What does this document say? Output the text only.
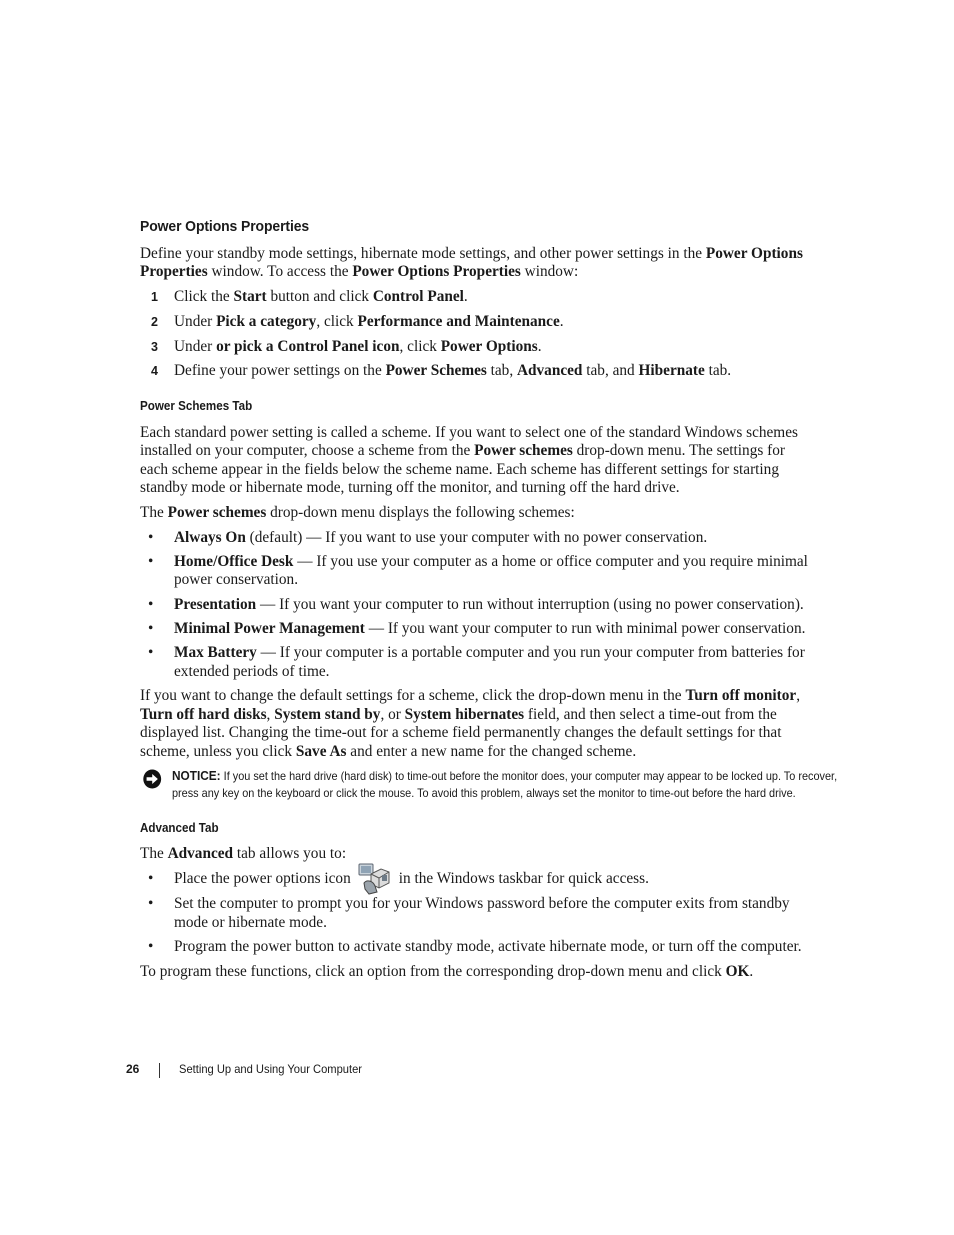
Power Options Properties

Define your standby mode settings, hibernate mode settings, and other power settings in the Power Options Properties window. To access the Power Options Properties window:

1 Click the Start button and click Control Panel.
2 Under Pick a category, click Performance and Maintenance.
3 Under or pick a Control Panel icon, click Power Options.
4 Define your power settings on the Power Schemes tab, Advanced tab, and Hibernate tab.
Power Schemes Tab

Each standard power setting is called a scheme. If you want to select one of the standard Windows schemes installed on your computer, choose a scheme from the Power schemes drop-down menu. The settings for each scheme appear in the fields below the scheme name. Each scheme has different settings for starting standby mode or hibernate mode, turning off the monitor, and turning off the hard drive.

The Power schemes drop-down menu displays the following schemes:

• Always On (default) — If you want to use your computer with no power conservation.
• Home/Office Desk — If you use your computer as a home or office computer and you require minimal power conservation.
• Presentation — If you want your computer to run without interruption (using no power conservation).
• Minimal Power Management — If you want your computer to run with minimal power conservation.
• Max Battery — If your computer is a portable computer and you run your computer from batteries for extended periods of time.

If you want to change the default settings for a scheme, click the drop-down menu in the Turn off monitor, Turn off hard disks, System stand by, or System hibernates field, and then select a time-out from the displayed list. Changing the time-out for a scheme field permanently changes the default settings for that scheme, unless you click Save As and enter a new name for the changed scheme.

NOTICE: If you set the hard drive (hard disk) to time-out before the monitor does, your computer may appear to be locked up. To recover, press any key on the keyboard or click the mouse. To avoid this problem, always set the monitor to time-out before the hard drive.
Advanced Tab

The Advanced tab allows you to:

• Place the power options icon	in the Windows taskbar for quick access.
• Set the computer to prompt you for your Windows password before the computer exits from standby mode or hibernate mode.
• Program the power button to activate standby mode, activate hibernate mode, or turn off the computer.

To program these functions, click an option from the corresponding drop-down menu and click OK.

26	Setting Up and Using Your Computer
